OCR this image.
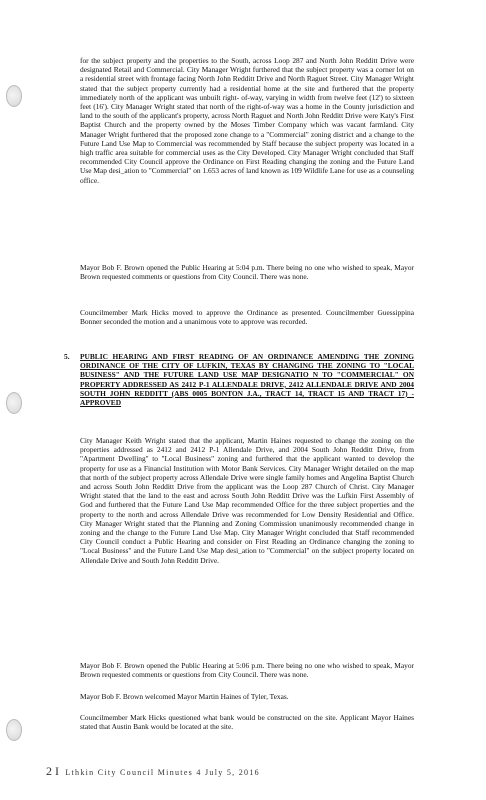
for the subject property and the properties to the South, across Loop 287 and North John Redditt Drive were designated Retail and Commercial. City Manager Wright furthered that the subject property was a corner lot on a residential street with frontage facing North John Redditt Drive and North Raguet Street. City Manager Wright stated that the subject property currently had a residential home at the site and furthered that the property immediately north of the applicant was unbuilt right- of-way, varying in width from twelve feet (12') to sixteen feet (16'). City Manager Wright stated that north of the right-of-way was a home in the County jurisdiction and land to the south of the applicant's property, across North Raguet and North John Redditt Drive were Katy's First Baptist Church and the property owned by the Moses Timber Company which was vacant farmland. City Manager Wright furthered that the proposed zone change to a "Commercial" zoning district and a change to the Future Land Use Map to Commercial was recommended by Staff because the subject property was located in a high traffic area suitable for commercial uses as the City Developed. City Manager Wright concluded that Staff recommended City Council approve the Ordinance on First Reading changing the zoning and the Future Land Use Map desi_ation to "Commercial" on 1.653 acres of land known as 109 Wildlife Lane for use as a counseling office.

Mayor Bob F. Brown opened the Public Hearing at 5:04 p.m. There being no one who wished to speak, Mayor Brown requested comments or questions from City Council. There was none.

Councilmember Mark Hicks moved to approve the Ordinance as presented. Councilmember Guessippina Bonner seconded the motion and a unanimous vote to approve was recorded.

5. PUBLIC HEARING AND FIRST READING OF AN ORDINANCE AMENDING THE ZONING ORDINANCE OF THE CITY OF LUFKIN, TEXAS BY CHANGING THE ZONING TO "LOCAL BUSINESS" AND THE FUTURE LAND USE MAP DESIGNATIO N TO "COMMERCIAL" ON PROPERTY ADDRESSED AS 2412 P-1 ALLENDALE DRIVE, 2412 ALLENDALE DRIVE AND 2004 SOUTH JOHN REDDITT (ABS 0005 BONTON J.A., TRACT 14, TRACT 15 AND TRACT 17) - APPROVED

City Manager Keith Wright stated that the applicant, Martin Haines requested to change the zoning on the properties addressed as 2412 and 2412 P-1 Allendale Drive, and 2004 South John Redditt Drive, from "Apartment Dwelling" to "Local Business" zoning and furthered that the applicant wanted to develop the property for use as a Financial Institution with Motor Bank Services. City Manager Wright detailed on the map that north of the subject property across Allendale Drive were single family homes and Angelina Baptist Church and across South John Redditt Drive from the applicant was the Loop 287 Church of Christ. City Manager Wright stated that the land to the east and across South John Redditt Drive was the Lufkin First Assembly of God and furthered that the Future Land Use Map recommended Office for the three subject properties and the property to the north and across Allendale Drive was recommended for Low Density Residential and Office. City Manager Wright stated that the Planning and Zoning Commission unanimously recommended change in zoning and the change to the Future Land Use Map. City Manager Wright concluded that Staff recommended City Council conduct a Public Hearing and consider on First Reading an Ordinance changing the zoning to "Local Business" and the Future Land Use Map desi_ation to "Commercial" on the subject property located on Allendale Drive and South John Redditt Drive.

Mayor Bob F. Brown opened the Public Hearing at 5:06 p.m. There being no one who wished to speak, Mayor Brown requested comments or questions from City Council. There was none.

Mayor Bob F. Brown welcomed Mayor Martin Haines of Tyler, Texas.

Councilmember Mark Hicks questioned what bank would be constructed on the site. Applicant Mayor Haines stated that Austin Bank would be located at the site.

2 I Lthkin City Council Minutes 4 July 5, 2016
